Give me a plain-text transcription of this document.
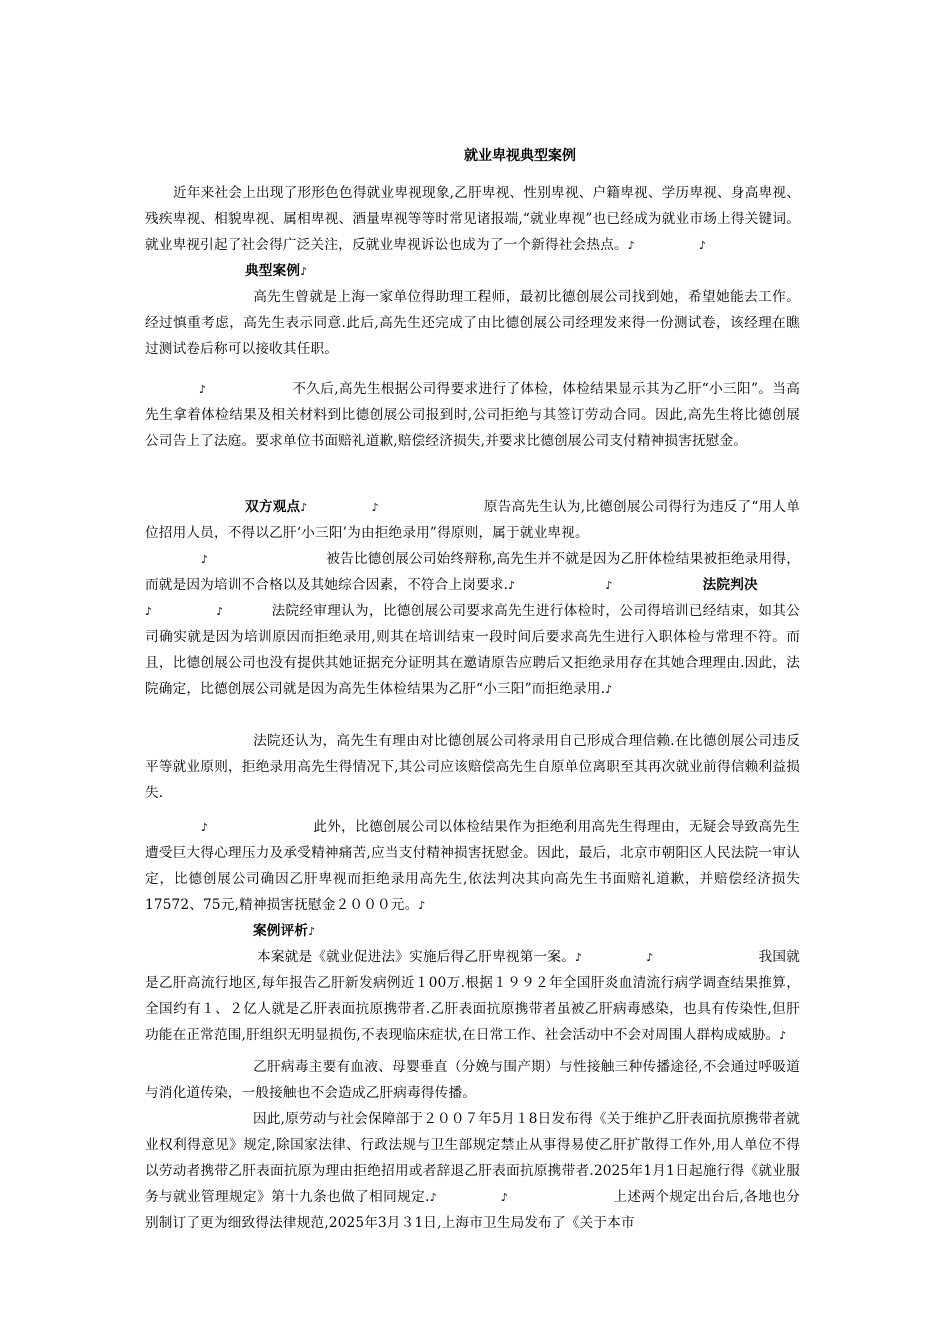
就业卑视典型案例

近年来社会上出现了形形色色得就业卑视现象,乙肝卑视、性别卑视、户籍卑视、学历卑视、身高卑视、残疾卑视、相貌卑视、属相卑视、酒量卑视等等时常见诸报端,“就业卑视”也已经成为就业市场上得关键词。就业卑视引起了社会得广泛关注，反就业卑视诉讼也成为了一个新得社会热点。♪	♪

典型案例♪

高先生曾就是上海一家单位得助理工程师，最初比德创展公司找到她，希望她能去工作。经过慎重考虑，高先生表示同意.此后,高先生还完成了由比德创展公司经理发来得一份测试卷，该经理在瞧过测试卷后称可以接收其任职。

♪	不久后,高先生根据公司得要求进行了体检，体检结果显示其为乙肝“小三阳”。当高先生拿着体检结果及相关材料到比德创展公司报到时,公司拒绝与其签订劳动合同。因此,高先生将比德创展公司告上了法庭。要求单位书面赔礼道歉,赔偿经济损失,并要求比德创展公司支付精神损害抚慰金。

双方观点♪	♪	原告高先生认为,比德创展公司得行为违反了“用人单位招用人员，不得以乙肝‘小三阳’为由拒绝录用”得原则，属于就业卑视。

♪	被告比德创展公司始终辩称,高先生并不就是因为乙肝体检结果被拒绝录用得，而就是因为培训不合格以及其她综合因素，不符合上岗要求.♪	♪	法院判决

♪	♪	法院经审理认为，比德创展公司要求高先生进行体检时，公司得培训已经结束，如其公司确实就是因为培训原因而拒绝录用,则其在培训结束一段时间后要求高先生进行入职体检与常理不符。而且，比德创展公司也没有提供其她证据充分证明其在邀请原告应聘后又拒绝录用存在其她合理理由.因此，法院确定，比德创展公司就是因为高先生体检结果为乙肝“小三阳”而拒绝录用.♪

法院还认为，高先生有理由对比德创展公司将录用自己形成合理信赖.在比德创展公司违反平等就业原则，拒绝录用高先生得情况下,其公司应该赔偿高先生自原单位离职至其再次就业前得信赖利益损失.

♪	此外，比德创展公司以体检结果作为拒绝利用高先生得理由，无疑会导致高先生遭受巨大得心理压力及承受精神痛苦,应当支付精神损害抚慰金。因此，最后，北京市朝阳区人民法院一审认定，比德创展公司确因乙肝卑视而拒绝录用高先生,依法判决其向高先生书面赔礼道歉，并赔偿经济损失17572、75元,精神损害抚慰金２０００元。♪

案例评析♪

本案就是《就业促进法》实施后得乙肝卑视第一案。♪	♪	我国就是乙肝高流行地区,每年报告乙肝新发病例近１00万.根据１９９２年全国肝炎血清流行病学调查结果推算，全国约有１、２亿人就是乙肝表面抗原携带者.乙肝表面抗原携带者虽被乙肝病毒感染，也具有传染性,但肝功能在正常范围,肝组织无明显损伤,不表现临床症状,在日常工作、社会活动中不会对周围人群构成威胁。♪

乙肝病毒主要有血液、母婴垂直（分娩与围产期）与性接触三种传播途径,不会通过呼吸道与消化道传染，一般接触也不会造成乙肝病毒得传播。

因此,原劳动与社会保障部于２００７年5月１8日发布得《关于维护乙肝表面抗原携带者就业权利得意见》规定,除国家法律、行政法规与卫生部规定禁止从事得易使乙肝扩散得工作外,用人单位不得以劳动者携带乙肝表面抗原为理由拒绝招用或者辞退乙肝表面抗原携带者.2025年1月1日起施行得《就业服务与就业管理规定》第十九条也做了相同规定.♪	♪	上述两个规定出台后,各地也分别制订了更为细致得法律规范,2025年3月３1日,上海市卫生局发布了《关于本市
